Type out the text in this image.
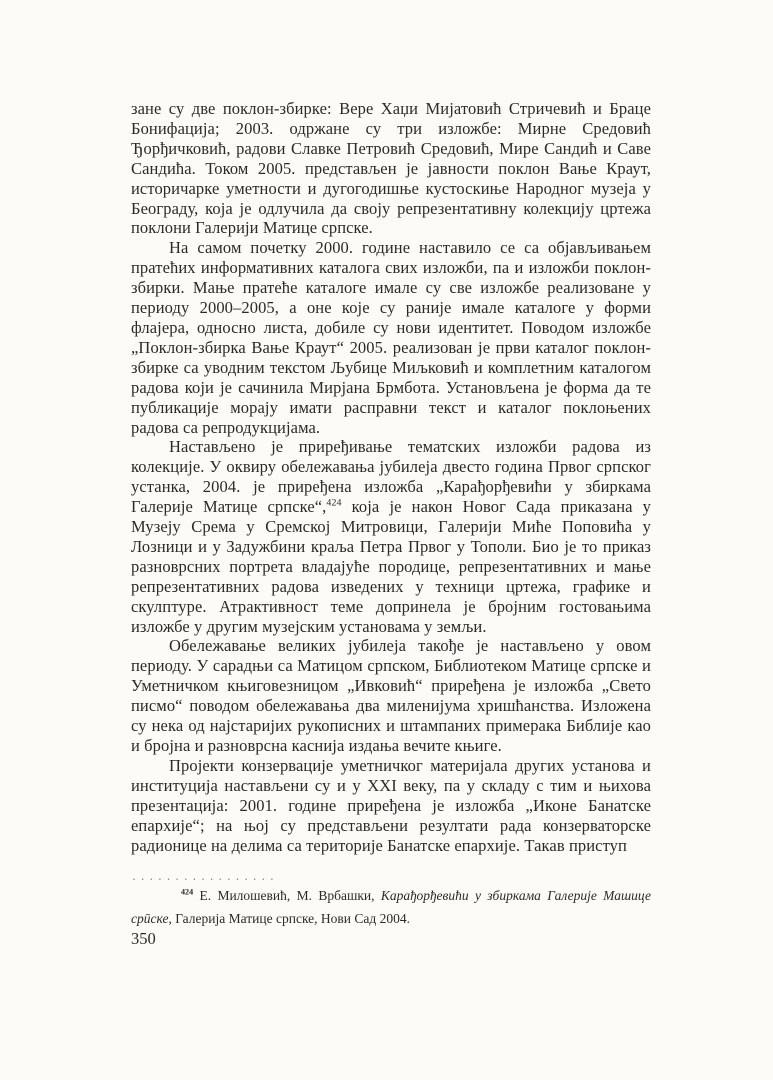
зане су две поклон-збирке: Вере Хаџи Мијатовић Стричевић и Браце Бонифација; 2003. одржане су три изложбе: Мирне Средовић Ђорђичковић, радови Славке Петровић Средовић, Мире Сандић и Саве Сандића. Током 2005. представљен је јавности поклон Вање Краут, историчарке уметности и дугогодишње кустоскиње Народног музеја у Београду, која је одлучила да своју репрезентативну колекцију цртежа поклони Галерији Матице српске.

На самом почетку 2000. године наставило се са објављивањем пратећих информативних каталога свих изложби, па и изложби поклон-збирки. Мање пратеће каталоге имале су све изложбе реализоване у периоду 2000–2005, а оне које су раније имале каталоге у форми флајера, односно листа, добиле су нови идентитет. Поводом изложбе „Поклон-збирка Вање Краут“ 2005. реализован је први каталог поклон-збирке са уводним текстом Љубице Миљковић и комплетним каталогом радова који је сачинила Мирјана Брмбота. Установљена је форма да те публикације морају имати расправни текст и каталог поклоњених радова са репродукцијама.

Настављено је приређивање тематских изложби радова из колекције. У оквиру обележавања јубилеја двесто година Првог српског устанка, 2004. је приређена изложба „Карађорђевићи у збиркама Галерије Матице српске“,$^{424}$ која је након Новог Сада приказана у Музеју Срема у Сремској Митровици, Галерији Миће Поповића у Лозници и у Задужбини краља Петра Првог у Тополи. Био је то приказ разноврсних портрета владајуће породице, репрезентативних и мање репрезентативних радова изведених у техници цртежа, графике и скулптуре. Атрактивност теме допринела је бројним гостовањима изложбе у другим музејским установама у земљи.

Обележавање великих јубилеја такође је настављено у овом периоду. У сарадњи са Матицом српском, Библиотеком Матице српске и Уметничком књиговезницом „Ивковић“ приређена је изложба „Свето писмо“ поводом обележавања два миленијума хришћанства. Изложена су нека од најстаријих рукописних и штампаних примерака Библије као и бројна и разноврсна каснија издања вечите књиге.

Пројекти конзервације уметничког материјала других установа и институција настављени су и у XXI веку, па у складу с тим и њихова презентација: 2001. године приређена је изложба „Иконе Банатске епархије“; на њој су представљени резултати рада конзерваторске радионице на делима са територије Банатске епархије. Такав приступ

.................

$^{424}$ Е. Милошевић, М. Врбашки, Карађорђевићи у збиркама Галерије Машице срӣске, Галерија Матице српске, Нови Сад 2004.

350
